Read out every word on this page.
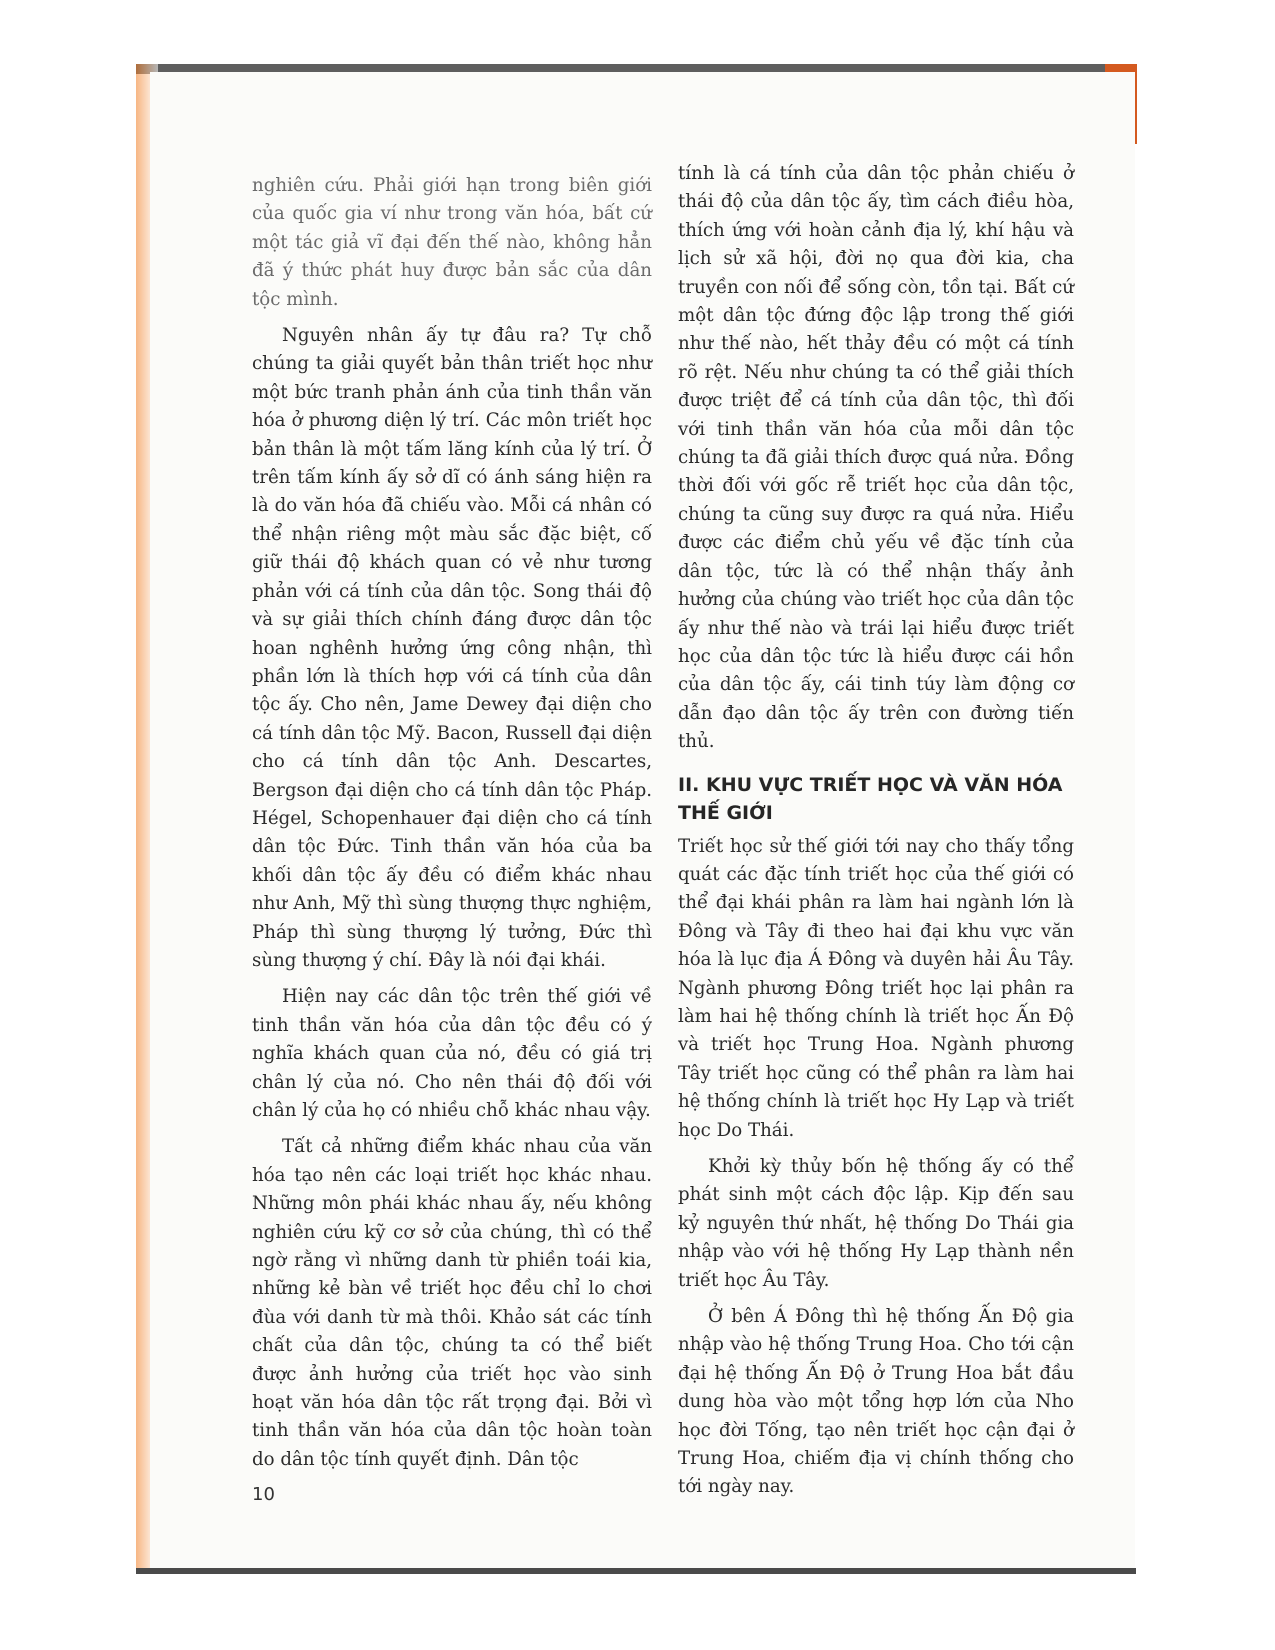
nghiên cứu. Phải giới hạn trong biên giới của quốc gia ví như trong văn hóa, bất cứ một tác giả vĩ đại đến thế nào, không hẳn đã ý thức phát huy được bản sắc của dân tộc mình.

Nguyên nhân ấy tự đâu ra? Tự chỗ chúng ta giải quyết bản thân triết học như một bức tranh phản ánh của tinh thần văn hóa ở phương diện lý trí. Các môn triết học bản thân là một tấm lăng kính của lý trí. Ở trên tấm kính ấy sở dĩ có ánh sáng hiện ra là do văn hóa đã chiếu vào. Mỗi cá nhân có thể nhận riêng một màu sắc đặc biệt, cố giữ thái độ khách quan có vẻ như tương phản với cá tính của dân tộc. Song thái độ và sự giải thích chính đáng được dân tộc hoan nghênh hưởng ứng công nhận, thì phần lớn là thích hợp với cá tính của dân tộc ấy. Cho nên, Jame Dewey đại diện cho cá tính dân tộc Mỹ. Bacon, Russell đại diện cho cá tính dân tộc Anh. Descartes, Bergson đại diện cho cá tính dân tộc Pháp. Hégel, Schopenhauer đại diện cho cá tính dân tộc Đức. Tinh thần văn hóa của ba khối dân tộc ấy đều có điểm khác nhau như Anh, Mỹ thì sùng thượng thực nghiệm, Pháp thì sùng thượng lý tưởng, Đức thì sùng thượng ý chí. Đây là nói đại khái.

Hiện nay các dân tộc trên thế giới về tinh thần văn hóa của dân tộc đều có ý nghĩa khách quan của nó, đều có giá trị chân lý của nó. Cho nên thái độ đối với chân lý của họ có nhiều chỗ khác nhau vậy.

Tất cả những điểm khác nhau của văn hóa tạo nên các loại triết học khác nhau. Những môn phái khác nhau ấy, nếu không nghiên cứu kỹ cơ sở của chúng, thì có thể ngờ rằng vì những danh từ phiền toái kia, những kẻ bàn về triết học đều chỉ lo chơi đùa với danh từ mà thôi. Khảo sát các tính chất của dân tộc, chúng ta có thể biết được ảnh hưởng của triết học vào sinh hoạt văn hóa dân tộc rất trọng đại. Bởi vì tinh thần văn hóa của dân tộc hoàn toàn do dân tộc tính quyết định. Dân tộc

tính là cá tính của dân tộc phản chiếu ở thái độ của dân tộc ấy, tìm cách điều hòa, thích ứng với hoàn cảnh địa lý, khí hậu và lịch sử xã hội, đời nọ qua đời kia, cha truyền con nối để sống còn, tồn tại. Bất cứ một dân tộc đứng độc lập trong thế giới như thế nào, hết thảy đều có một cá tính rõ rệt. Nếu như chúng ta có thể giải thích được triệt để cá tính của dân tộc, thì đối với tinh thần văn hóa của mỗi dân tộc chúng ta đã giải thích được quá nửa. Đồng thời đối với gốc rễ triết học của dân tộc, chúng ta cũng suy được ra quá nửa. Hiểu được các điểm chủ yếu về đặc tính của dân tộc, tức là có thể nhận thấy ảnh hưởng của chúng vào triết học của dân tộc ấy như thế nào và trái lại hiểu được triết học của dân tộc tức là hiểu được cái hồn của dân tộc ấy, cái tinh túy làm động cơ dẫn đạo dân tộc ấy trên con đường tiến thủ.

II. KHU VỰC TRIẾT HỌC VÀ VĂN HÓA THẾ GIỚI

Triết học sử thế giới tới nay cho thấy tổng quát các đặc tính triết học của thế giới có thể đại khái phân ra làm hai ngành lớn là Đông và Tây đi theo hai đại khu vực văn hóa là lục địa Á Đông và duyên hải Âu Tây. Ngành phương Đông triết học lại phân ra làm hai hệ thống chính là triết học Ấn Độ và triết học Trung Hoa. Ngành phương Tây triết học cũng có thể phân ra làm hai hệ thống chính là triết học Hy Lạp và triết học Do Thái.

Khởi kỳ thủy bốn hệ thống ấy có thể phát sinh một cách độc lập. Kịp đến sau kỷ nguyên thứ nhất, hệ thống Do Thái gia nhập vào với hệ thống Hy Lạp thành nền triết học Âu Tây.

Ở bên Á Đông thì hệ thống Ấn Độ gia nhập vào hệ thống Trung Hoa. Cho tới cận đại hệ thống Ấn Độ ở Trung Hoa bắt đầu dung hòa vào một tổng hợp lớn của Nho học đời Tống, tạo nên triết học cận đại ở Trung Hoa, chiếm địa vị chính thống cho tới ngày nay.

10
